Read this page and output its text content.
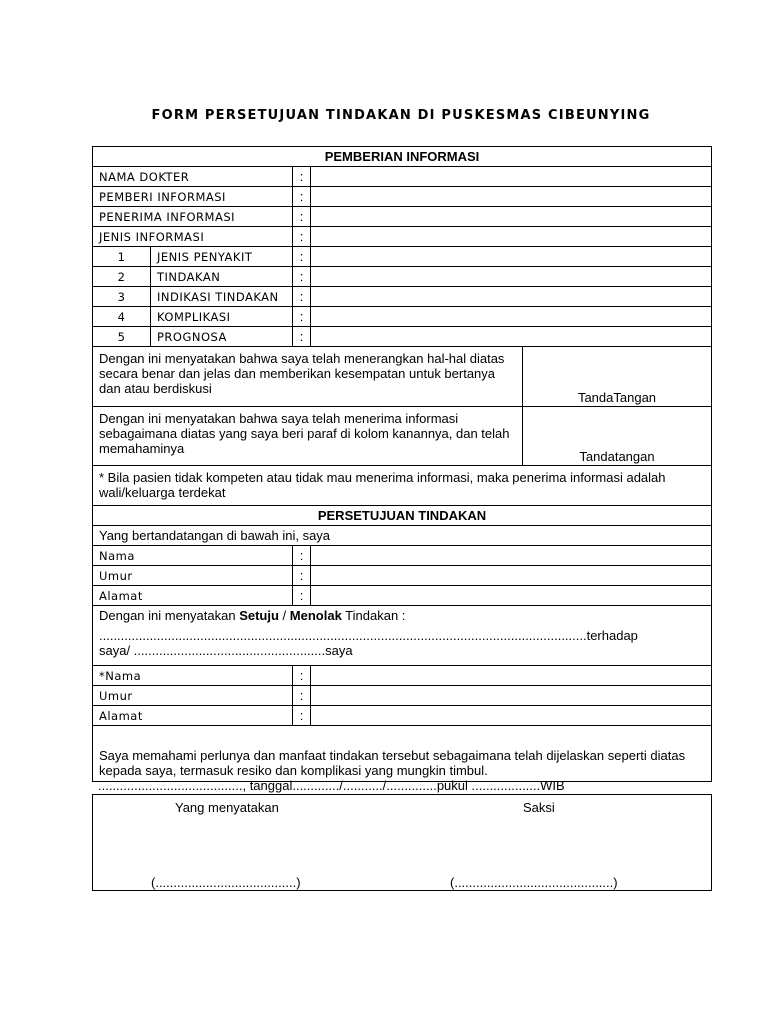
FORM PERSETUJUAN TINDAKAN DI PUSKESMAS CIBEUNYING
PEMBERIAN INFORMASI
NAMA DOKTER	:
PEMBERI INFORMASI	:
PENERIMA INFORMASI	:
JENIS INFORMASI	:
1	JENIS PENYAKIT	:
2	TINDAKAN	:
3	INDIKASI TINDAKAN	:
4	KOMPLIKASI	:
5	PROGNOSA	:
Dengan ini menyatakan bahwa saya telah menerangkan hal-hal diatas secara benar dan jelas dan memberikan kesempatan untuk bertanya dan atau berdiskusi
TandaTangan
Dengan ini menyatakan bahwa saya telah menerima informasi sebagaimana diatas yang saya beri paraf di kolom kanannya, dan telah memahaminya
Tandatangan
* Bila pasien tidak kompeten atau tidak mau menerima informasi, maka penerima informasi adalah wali/keluarga terdekat
PERSETUJUAN TINDAKAN
Yang bertandatangan di bawah ini, saya
Nama	:
Umur	:
Alamat	:
Dengan ini menyatakan Setuju / Menolak Tindakan :
.......................................................................................................................................terhadap
saya/ .....................................................saya
*Nama	:
Umur	:
Alamat	:
Saya memahami perlunya dan manfaat tindakan tersebut sebagaimana telah dijelaskan seperti diatas kepada saya, termasuk resiko dan komplikasi yang mungkin timbul.
........................................, tanggal............./.........../..............pukul ...................WIB
Yang menyatakan	Saksi
(.......................................)	(............................................)
